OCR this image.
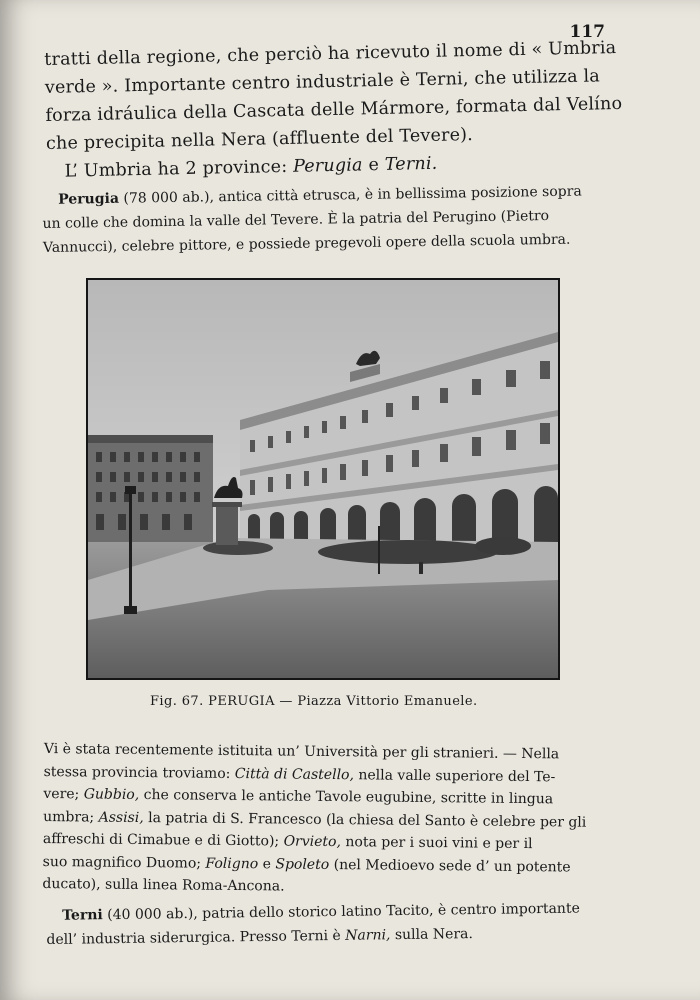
117

tratti della regione, che perciò ha ricevuto il nome di « Umbria

verde ». Importante centro industriale è Terni, che utilizza la

forza idráulica della Cascata delle Mármore, formata dal Velíno

che precipita nella Nera (affluente del Tevere).

L’ Umbria ha 2 province: Perugia e Terni.

Perugia (78 000 ab.), antica città etrusca, è in bellissima posizione sopra

un colle che domina la valle del Tevere. È la patria del Perugino (Pietro

Vannucci), celebre pittore, e possiede pregevoli opere della scuola umbra.

Fig. 67. PERUGIA — Piazza Vittorio Emanuele.

Vi è stata recentemente istituita un’ Università per gli stranieri. — Nella

stessa provincia troviamo: Città di Castello, nella valle superiore del Te-

vere; Gubbio, che conserva le antiche Tavole eugubine, scritte in lingua

umbra; Assisi, la patria di S. Francesco (la chiesa del Santo è celebre per gli

affreschi di Cimabue e di Giotto); Orvieto, nota per i suoi vini e per il

suo magnifico Duomo; Foligno e Spoleto (nel Medioevo sede d’ un potente

ducato), sulla linea Roma-Ancona.

Terni (40 000 ab.), patria dello storico latino Tacito, è centro importante

dell’ industria siderurgica. Presso Terni è Narni, sulla Nera.
